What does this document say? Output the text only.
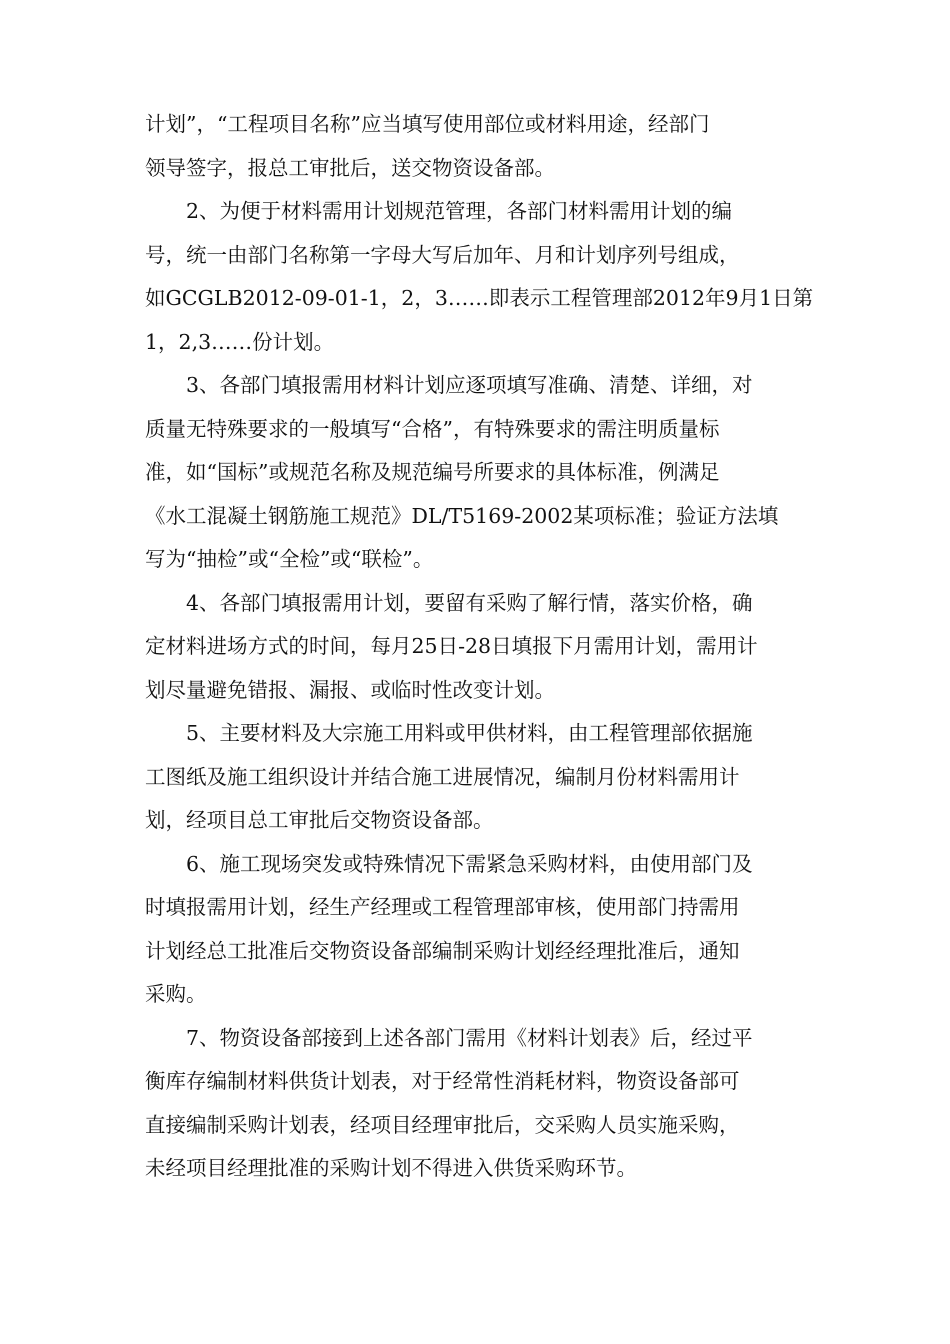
计划”，“工程项目名称”应当填写使用部位或材料用途，经部门
领导签字，报总工审批后，送交物资设备部。
2、为便于材料需用计划规范管理，各部门材料需用计划的编
号，统一由部门名称第一字母大写后加年、月和计划序列号组成，
如GCGLB2012-09-01-1，2，3……即表示工程管理部2012年9月1日第
1，2,3……份计划。
3、各部门填报需用材料计划应逐项填写准确、清楚、详细，对
质量无特殊要求的一般填写“合格”，有特殊要求的需注明质量标
准，如“国标”或规范名称及规范编号所要求的具体标准，例满足
《水工混凝土钢筋施工规范》DL/T5169-2002某项标准；验证方法填
写为“抽检”或“全检”或“联检”。
4、各部门填报需用计划，要留有采购了解行情，落实价格，确
定材料进场方式的时间，每月25日-28日填报下月需用计划，需用计
划尽量避免错报、漏报、或临时性改变计划。
5、主要材料及大宗施工用料或甲供材料，由工程管理部依据施
工图纸及施工组织设计并结合施工进展情况，编制月份材料需用计
划，经项目总工审批后交物资设备部。
6、施工现场突发或特殊情况下需紧急采购材料，由使用部门及
时填报需用计划，经生产经理或工程管理部审核，使用部门持需用
计划经总工批准后交物资设备部编制采购计划经经理批准后，通知
采购。
7、物资设备部接到上述各部门需用《材料计划表》后，经过平
衡库存编制材料供货计划表，对于经常性消耗材料，物资设备部可
直接编制采购计划表，经项目经理审批后，交采购人员实施采购，
未经项目经理批准的采购计划不得进入供货采购环节。
